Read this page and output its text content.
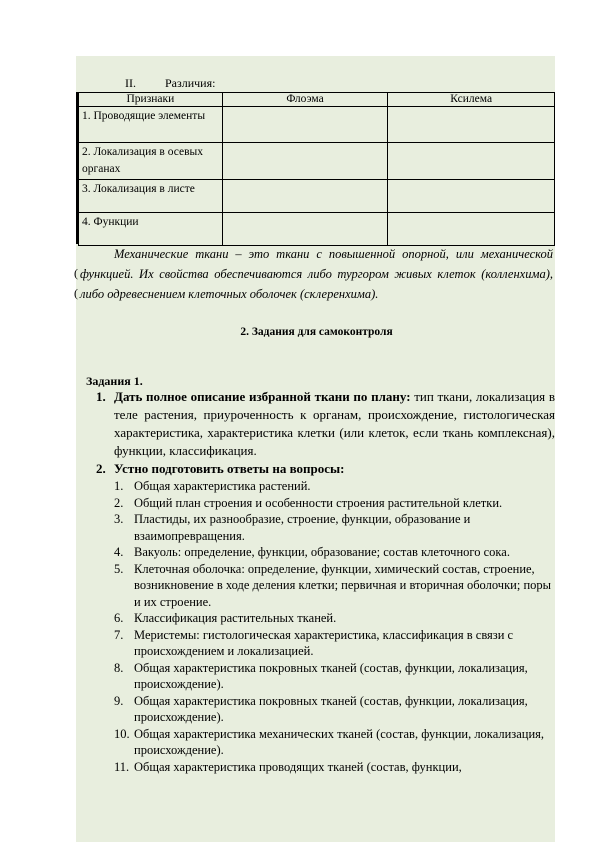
II. Различия:
Признаки	Флоэма	Ксилема
1. Проводящие элементы		
2. Локализация в осевых органах		
3. Локализация в листе		
4. Функции		
(
(
Механические ткани – это ткани с повышенной опорной, или механической функцией. Их свойства обеспечиваются либо тургором живых клеток (колленхима), либо одревеснением клеточных оболочек (склеренхима).
2. Задания для самоконтроля
Задания 1.
1. Дать полное описание избранной ткани по плану: тип ткани, локализация в теле растения, приуроченность к органам, происхождение, гистологическая характеристика, характеристика клетки (или клеток, если ткань комплексная), функции, классификация.
2. Устно подготовить ответы на вопросы:
1. Общая характеристика растений.
2. Общий план строения и особенности строения растительной клетки.
3. Пластиды, их разнообразие, строение, функции, образование и взаимопревращения.
4. Вакуоль: определение, функции, образование; состав клеточного сока.
5. Клеточная оболочка: определение, функции, химический состав, строение, возникновение в ходе деления клетки; первичная и вторичная оболочки; поры и их строение.
6. Классификация растительных тканей.
7. Меристемы: гистологическая характеристика, классификация в связи с происхождением и локализацией.
8. Общая характеристика покровных тканей (состав, функции, локализация, происхождение).
9. Общая характеристика покровных тканей (состав, функции, локализация, происхождение).
10. Общая характеристика механических тканей (состав, функции, локализация, происхождение).
11. Общая характеристика проводящих тканей (состав, функции,
